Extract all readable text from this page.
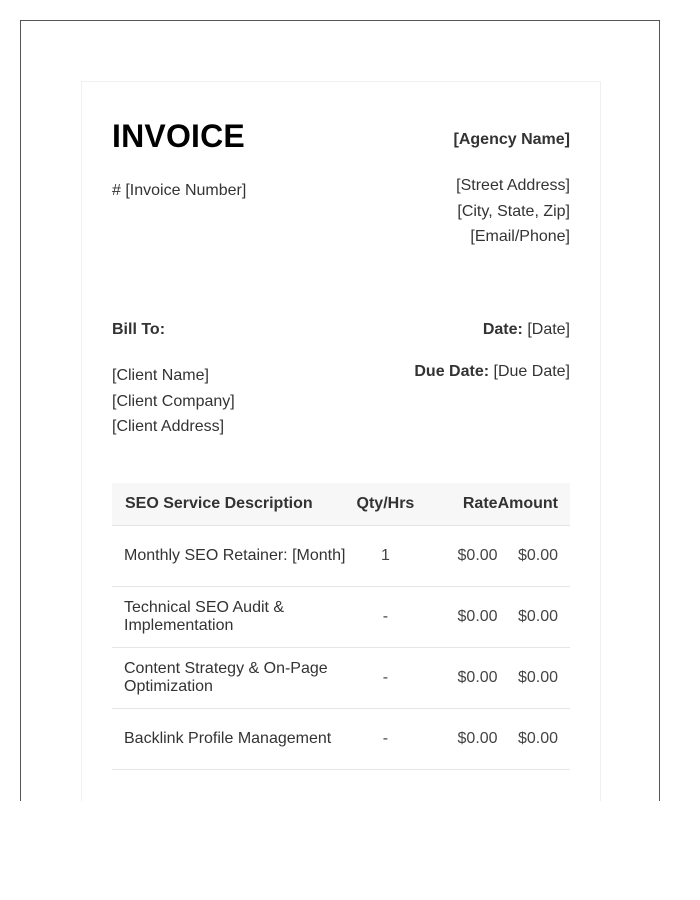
INVOICE
# [Invoice Number]
[Agency Name]
[Street Address]
[City, State, Zip]
[Email/Phone]
Bill To:
[Client Name]
[Client Company]
[Client Address]
Date: [Date]
Due Date: [Due Date]
SEO Service Description	Qty/Hrs	Rate	Amount
Monthly SEO Retainer: [Month]	1	$0.00	$0.00
Technical SEO Audit & Implementation	-	$0.00	$0.00
Content Strategy & On-Page Optimization	-	$0.00	$0.00
Backlink Profile Management	-	$0.00	$0.00
